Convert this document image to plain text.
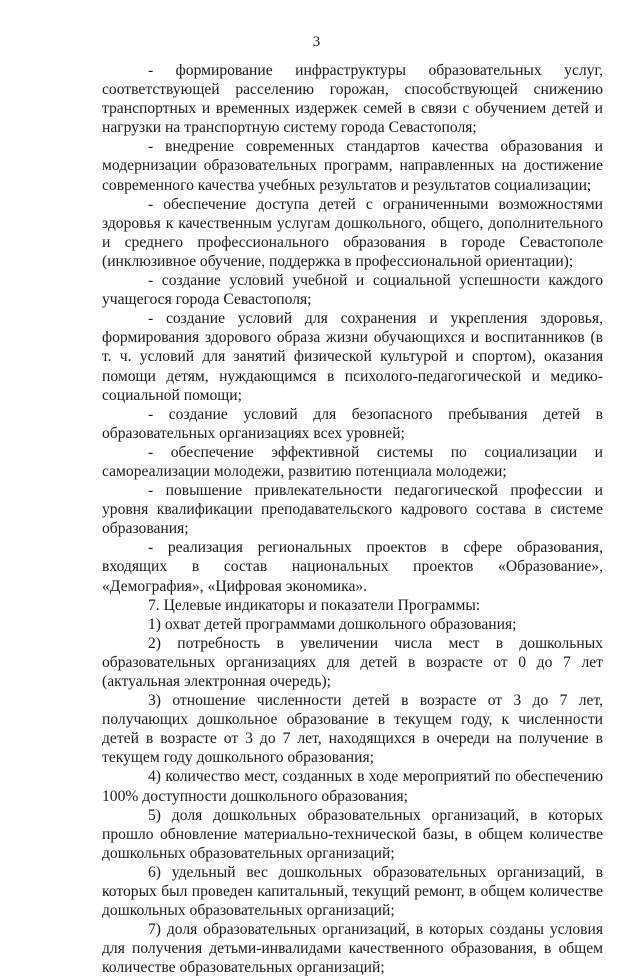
3

- формирование инфраструктуры образовательных услуг, соответствующей расселению горожан, способствующей снижению транспортных и временных издержек семей в связи с обучением детей и нагрузки на транспортную систему города Севастополя;

- внедрение современных стандартов качества образования и модернизации образовательных программ, направленных на достижение современного качества учебных результатов и результатов социализации;

- обеспечение доступа детей с ограниченными возможностями здоровья к качественным услугам дошкольного, общего, дополнительного и среднего профессионального образования в городе Севастополе (инклюзивное обучение, поддержка в профессиональной ориентации);

- создание условий учебной и социальной успешности каждого учащегося города Севастополя;

- создание условий для сохранения и укрепления здоровья, формирования здорового образа жизни обучающихся и воспитанников (в т. ч. условий для занятий физической культурой и спортом), оказания помощи детям, нуждающимся в психолого-педагогической и медико-социальной помощи;

- создание условий для безопасного пребывания детей в образовательных организациях всех уровней;

- обеспечение эффективной системы по социализации и самореализации молодежи, развитию потенциала молодежи;

- повышение привлекательности педагогической профессии и уровня квалификации преподавательского кадрового состава в системе образования;

- реализация региональных проектов в сфере образования, входящих в состав национальных проектов «Образование», «Демография», «Цифровая экономика».

7. Целевые индикаторы и показатели Программы:

1) охват детей программами дошкольного образования;

2) потребность в увеличении числа мест в дошкольных образовательных организациях для детей в возрасте от 0 до 7 лет (актуальная электронная очередь);

3) отношение численности детей в возрасте от 3 до 7 лет, получающих дошкольное образование в текущем году, к численности детей в возрасте от 3 до 7 лет, находящихся в очереди на получение в текущем году дошкольного образования;

4) количество мест, созданных в ходе мероприятий по обеспечению 100% доступности дошкольного образования;

5) доля дошкольных образовательных организаций, в которых прошло обновление материально-технической базы, в общем количестве дошкольных образовательных организаций;

6) удельный вес дошкольных образовательных организаций, в которых был проведен капитальный, текущий ремонт, в общем количестве дошкольных образовательных организаций;

7) доля образовательных организаций, в которых созданы условия для получения детьми-инвалидами качественного образования, в общем количестве образовательных организаций;
